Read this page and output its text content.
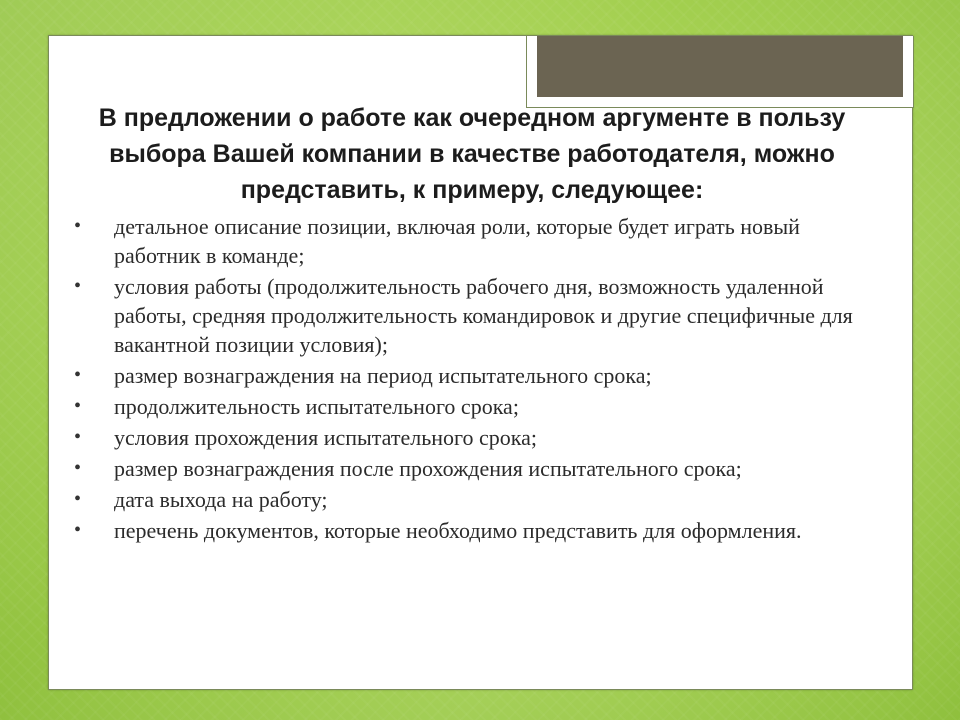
В предложении о работе как очередном аргументе в пользу выбора Вашей компании в качестве работодателя, можно представить, к примеру, следующее:

• детальное описание позиции, включая роли, которые будет играть новый работник в команде;
• условия работы (продолжительность рабочего дня, возможность удаленной работы, средняя продолжительность командировок и другие специфичные для вакантной позиции условия);
• размер вознаграждения на период испытательного срока;
• продолжительность испытательного срока;
• условия прохождения испытательного срока;
• размер вознаграждения после прохождения испытательного срока;
• дата выхода на работу;
• перечень документов, которые необходимо представить для оформления.
